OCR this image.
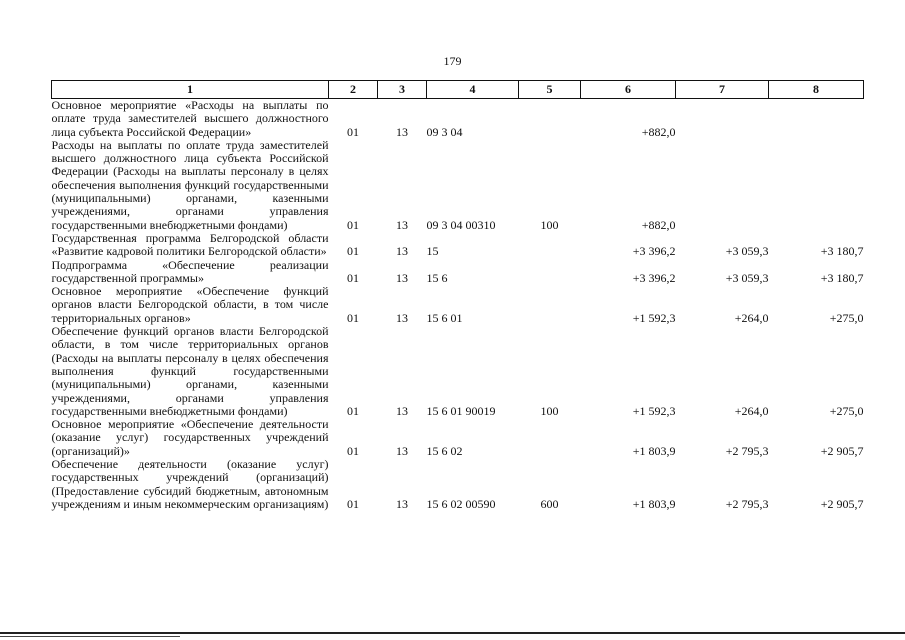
179
1	2	3	4	5	6	7	8
Основное мероприятие «Расходы на выплаты по оплате труда заместителей высшего должностного лица субъекта Российской Федерации»	01	13	09 3 04		+882,0		
Расходы на выплаты по оплате труда заместителей высшего должностного лица субъекта Российской Федерации (Расходы на выплаты персоналу в целях обеспечения выполнения функций государственными (муниципальными) органами, казенными учреждениями, органами управления государственными внебюджетными фондами)	01	13	09 3 04 00310	100	+882,0		
Государственная программа Белгородской области «Развитие кадровой политики Белгородской области»	01	13	15		+3 396,2	+3 059,3	+3 180,7
Подпрограмма «Обеспечение реализации государственной программы»	01	13	15 6		+3 396,2	+3 059,3	+3 180,7
Основное мероприятие «Обеспечение функций органов власти Белгородской области, в том числе территориальных органов»	01	13	15 6 01		+1 592,3	+264,0	+275,0
Обеспечение функций органов власти Белгородской области, в том числе территориальных органов (Расходы на выплаты персоналу в целях обеспечения выполнения функций государственными (муниципальными) органами, казенными учреждениями, органами управления государственными внебюджетными фондами)	01	13	15 6 01 90019	100	+1 592,3	+264,0	+275,0
Основное мероприятие «Обеспечение деятельности (оказание услуг) государственных учреждений (организаций)»	01	13	15 6 02		+1 803,9	+2 795,3	+2 905,7
Обеспечение деятельности (оказание услуг) государственных учреждений (организаций) (Предоставление субсидий бюджетным, автономным учреждениям и иным некоммерческим организациям)	01	13	15 6 02 00590	600	+1 803,9	+2 795,3	+2 905,7
